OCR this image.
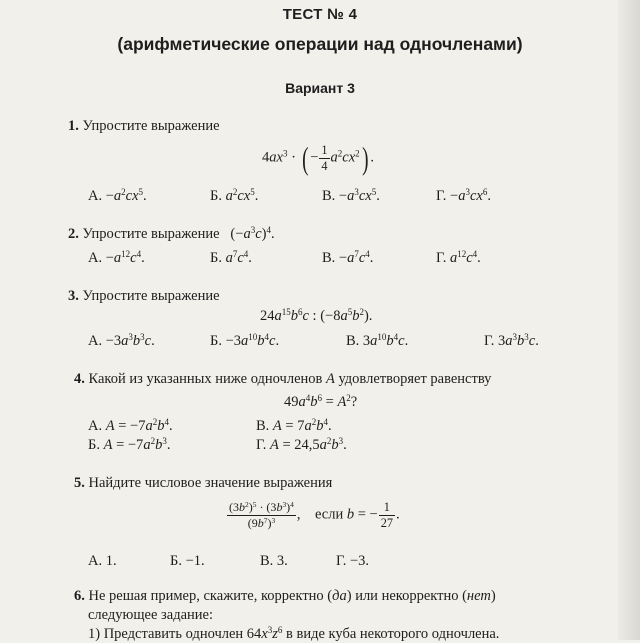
ТЕСТ № 4
(арифметические операции над одночленами)
Вариант 3
1. Упростите выражение
$4ax^3$ · ( − $\frac{1}{4} a^2cx^2$) .
А. $-a^2cx^5$.	Б. $a^2cx^5$.	В. $-a^3cx^5$.	Г. $-a^3cx^6$.
2. Упростите выражение $(-a^3c)^4$.
А. $-a^{12}c^4$.	Б. $a^7c^4$.	В. $-a^7c^4$.	Г. $a^{12}c^4$.
3. Упростите выражение
$24a^{15}b^6c$ : $(-8a^5b^2)$.
А. $-3a^3b^3c$.	Б. $-3a^{10}b^4c$.	В. $3a^{10}b^4c$.	Г. $3a^3b^3c$.
4. Какой из указанных ниже одночленов A удовлетворяет равенству
$49a^4b^6 = A^2$?
А. $A = -7a^2b^4$.	В. $A = 7a^2b^4$.
Б. $A = -7a^2b^3$.	Г. $A = 24,5a^2b^3$.
5. Найдите числовое значение выражения
$\frac{(3b^2)^5 \cdot (3b^3)^4}{(9b^7)^3}$ , если b = − $\frac{1}{27}$ .
А. 1.	Б. −1.	В. 3.	Г. −3.
6. Не решая пример, скажите, корректно (да) или некорректно (нет)
следующее задание:
1) Представить одночлен $64x^3z^6$ в виде куба некоторого одночлена.
